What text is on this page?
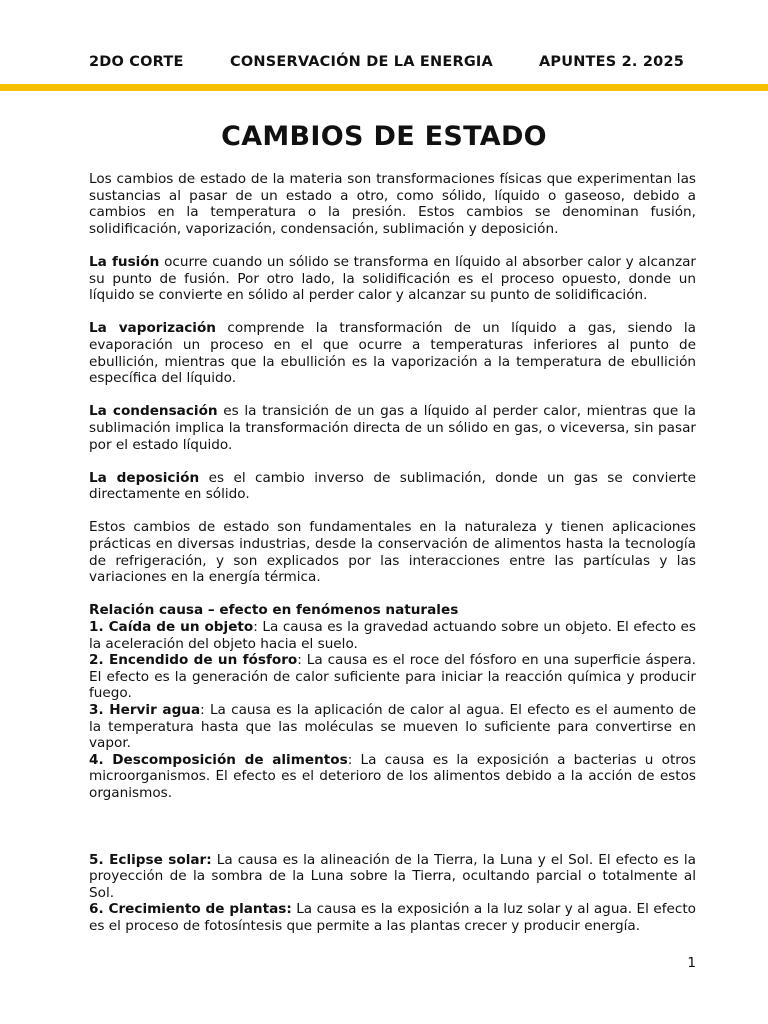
2DO CORTE	CONSERVACIÓN DE LA ENERGIA	APUNTES 2. 2025
CAMBIOS DE ESTADO

Los cambios de estado de la materia son transformaciones físicas que experimentan las sustancias al pasar de un estado a otro, como sólido, líquido o gaseoso, debido a cambios en la temperatura o la presión. Estos cambios se denominan fusión, solidificación, vaporización, condensación, sublimación y deposición.

La fusión ocurre cuando un sólido se transforma en líquido al absorber calor y alcanzar su punto de fusión. Por otro lado, la solidificación es el proceso opuesto, donde un líquido se convierte en sólido al perder calor y alcanzar su punto de solidificación.

La vaporización comprende la transformación de un líquido a gas, siendo la evaporación un proceso en el que ocurre a temperaturas inferiores al punto de ebullición, mientras que la ebullición es la vaporización a la temperatura de ebullición específica del líquido.

La condensación es la transición de un gas a líquido al perder calor, mientras que la sublimación implica la transformación directa de un sólido en gas, o viceversa, sin pasar por el estado líquido.

La deposición es el cambio inverso de sublimación, donde un gas se convierte directamente en sólido.

Estos cambios de estado son fundamentales en la naturaleza y tienen aplicaciones prácticas en diversas industrias, desde la conservación de alimentos hasta la tecnología de refrigeración, y son explicados por las interacciones entre las partículas y las variaciones en la energía térmica.

Relación causa – efecto en fenómenos naturales

1. Caída de un objeto: La causa es la gravedad actuando sobre un objeto. El efecto es la aceleración del objeto hacia el suelo.

2. Encendido de un fósforo: La causa es el roce del fósforo en una superficie áspera. El efecto es la generación de calor suficiente para iniciar la reacción química y producir fuego.

3. Hervir agua: La causa es la aplicación de calor al agua. El efecto es el aumento de la temperatura hasta que las moléculas se mueven lo suficiente para convertirse en vapor.

4. Descomposición de alimentos: La causa es la exposición a bacterias u otros microorganismos. El efecto es el deterioro de los alimentos debido a la acción de estos organismos.

5. Eclipse solar: La causa es la alineación de la Tierra, la Luna y el Sol. El efecto es la proyección de la sombra de la Luna sobre la Tierra, ocultando parcial o totalmente al Sol.

6. Crecimiento de plantas: La causa es la exposición a la luz solar y al agua. El efecto es el proceso de fotosíntesis que permite a las plantas crecer y producir energía.

1
